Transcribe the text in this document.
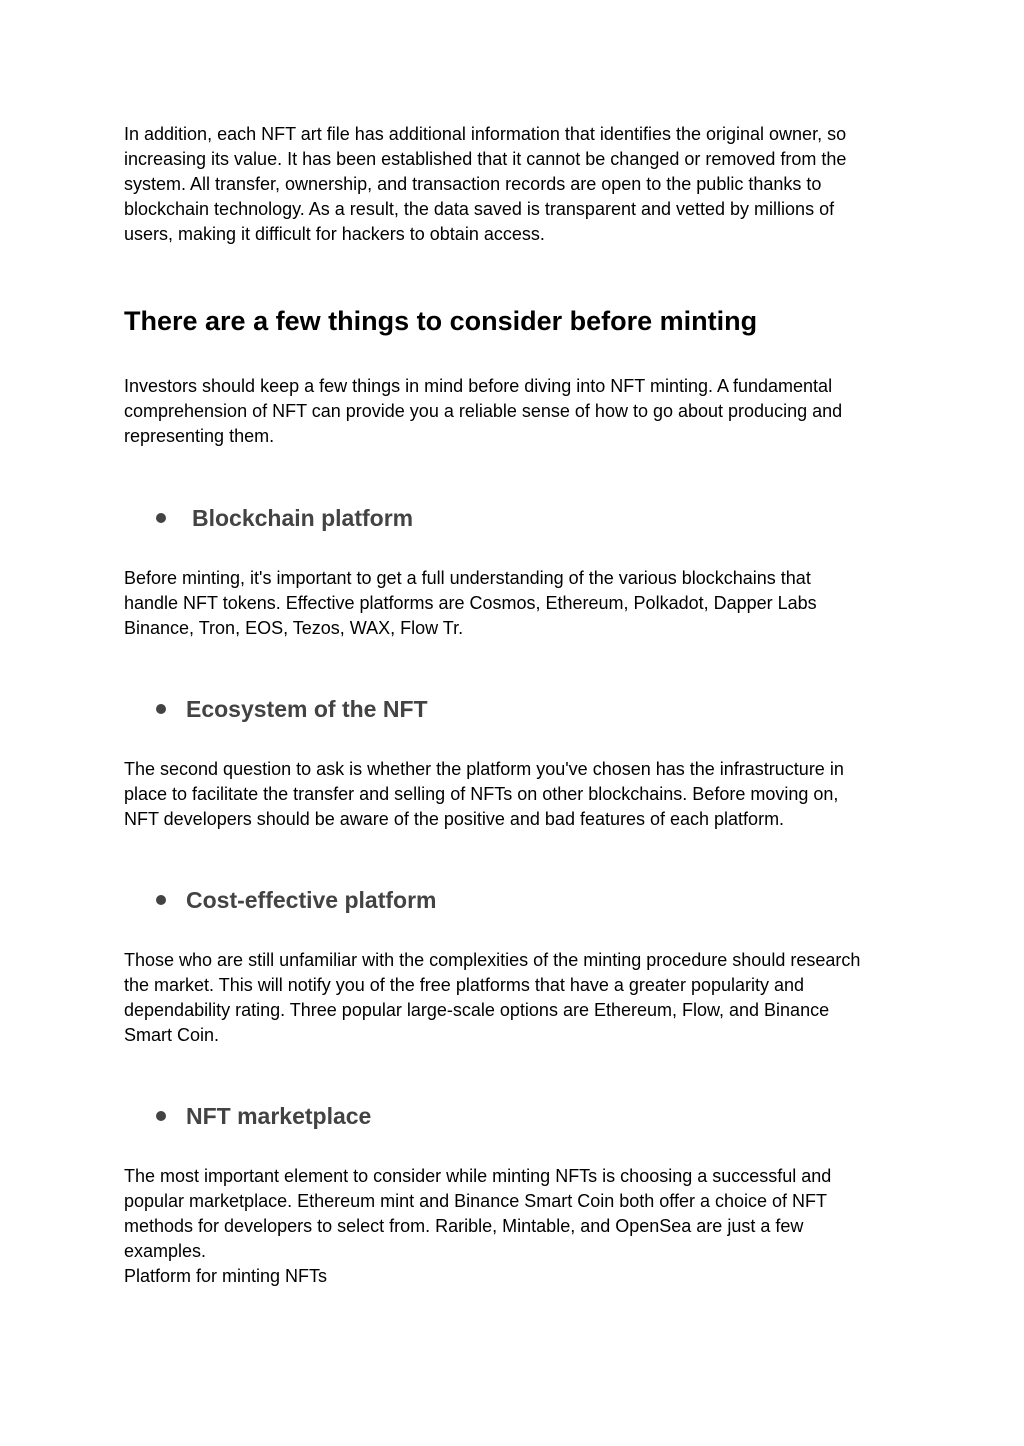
In addition, each NFT art file has additional information that identifies the original owner, so
increasing its value. It has been established that it cannot be changed or removed from the
system. All transfer, ownership, and transaction records are open to the public thanks to
blockchain technology. As a result, the data saved is transparent and vetted by millions of
users, making it difficult for hackers to obtain access.

There are a few things to consider before minting

Investors should keep a few things in mind before diving into NFT minting. A fundamental
comprehension of NFT can provide you a reliable sense of how to go about producing and
representing them.

Blockchain platform

Before minting, it's important to get a full understanding of the various blockchains that
handle NFT tokens. Effective platforms are Cosmos, Ethereum, Polkadot, Dapper Labs
Binance, Tron, EOS, Tezos, WAX, Flow Tr.

Ecosystem of the NFT

The second question to ask is whether the platform you've chosen has the infrastructure in
place to facilitate the transfer and selling of NFTs on other blockchains. Before moving on,
NFT developers should be aware of the positive and bad features of each platform.

Cost-effective platform

Those who are still unfamiliar with the complexities of the minting procedure should research
the market. This will notify you of the free platforms that have a greater popularity and
dependability rating. Three popular large-scale options are Ethereum, Flow, and Binance
Smart Coin.

NFT marketplace

The most important element to consider while minting NFTs is choosing a successful and
popular marketplace. Ethereum mint and Binance Smart Coin both offer a choice of NFT
methods for developers to select from. Rarible, Mintable, and OpenSea are just a few
examples.
Platform for minting NFTs
